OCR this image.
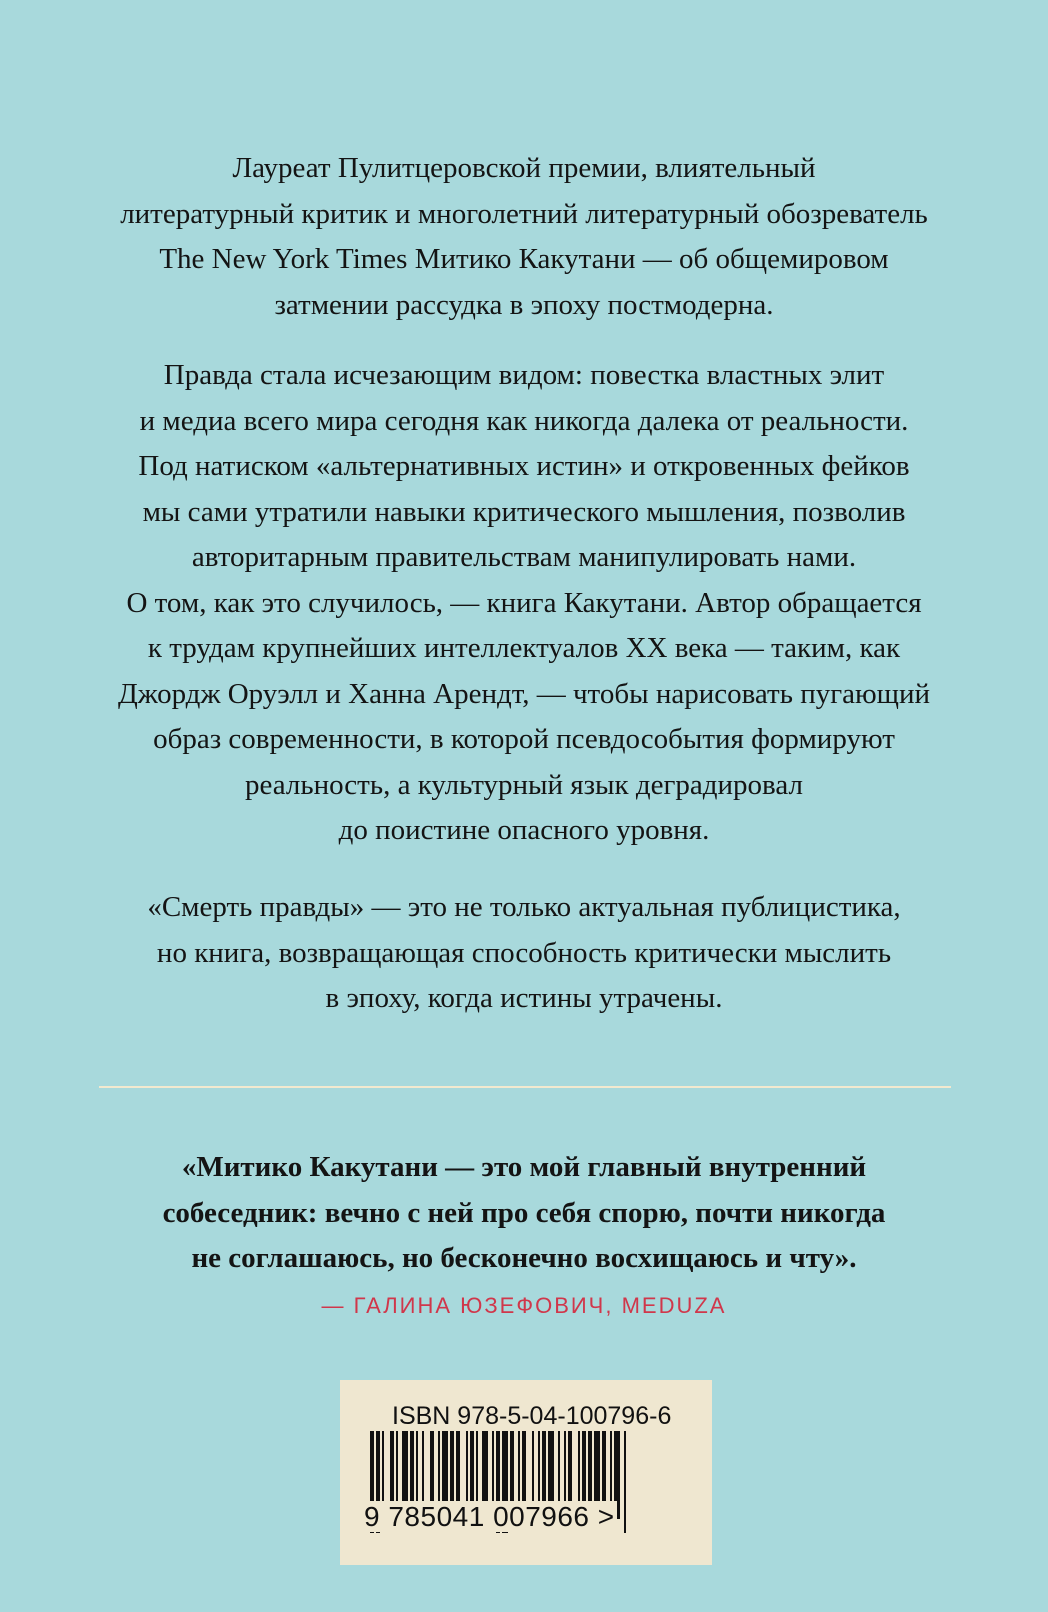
Лауреат Пулитцеровской премии, влиятельный
литературный критик и многолетний литературный обозреватель
The New York Times Митико Какутани — об общемировом
затмении рассудка в эпоху постмодерна.
Правда стала исчезающим видом: повестка властных элит
и медиа всего мира сегодня как никогда далека от реальности.
Под натиском «альтернативных истин» и откровенных фейков
мы сами утратили навыки критического мышления, позволив
авторитарным правительствам манипулировать нами.
О том, как это случилось, — книга Какутани. Автор обращается
к трудам крупнейших интеллектуалов XX века — таким, как
Джордж Оруэлл и Ханна Арендт, — чтобы нарисовать пугающий
образ современности, в которой псевдособытия формируют
реальность, а культурный язык деградировал
до поистине опасного уровня.
«Смерть правды» — это не только актуальная публицистика,
но книга, возвращающая способность критически мыслить
в эпоху, когда истины утрачены.
«Митико Какутани — это мой главный внутренний
собеседник: вечно с ней про себя спорю, почти никогда
не соглашаюсь, но бесконечно восхищаюсь и чту».
— ГАЛИНА ЮЗЕФОВИЧ, MEDUZA
ISBN 978-5-04-100796-6
9 785041 007966 >
